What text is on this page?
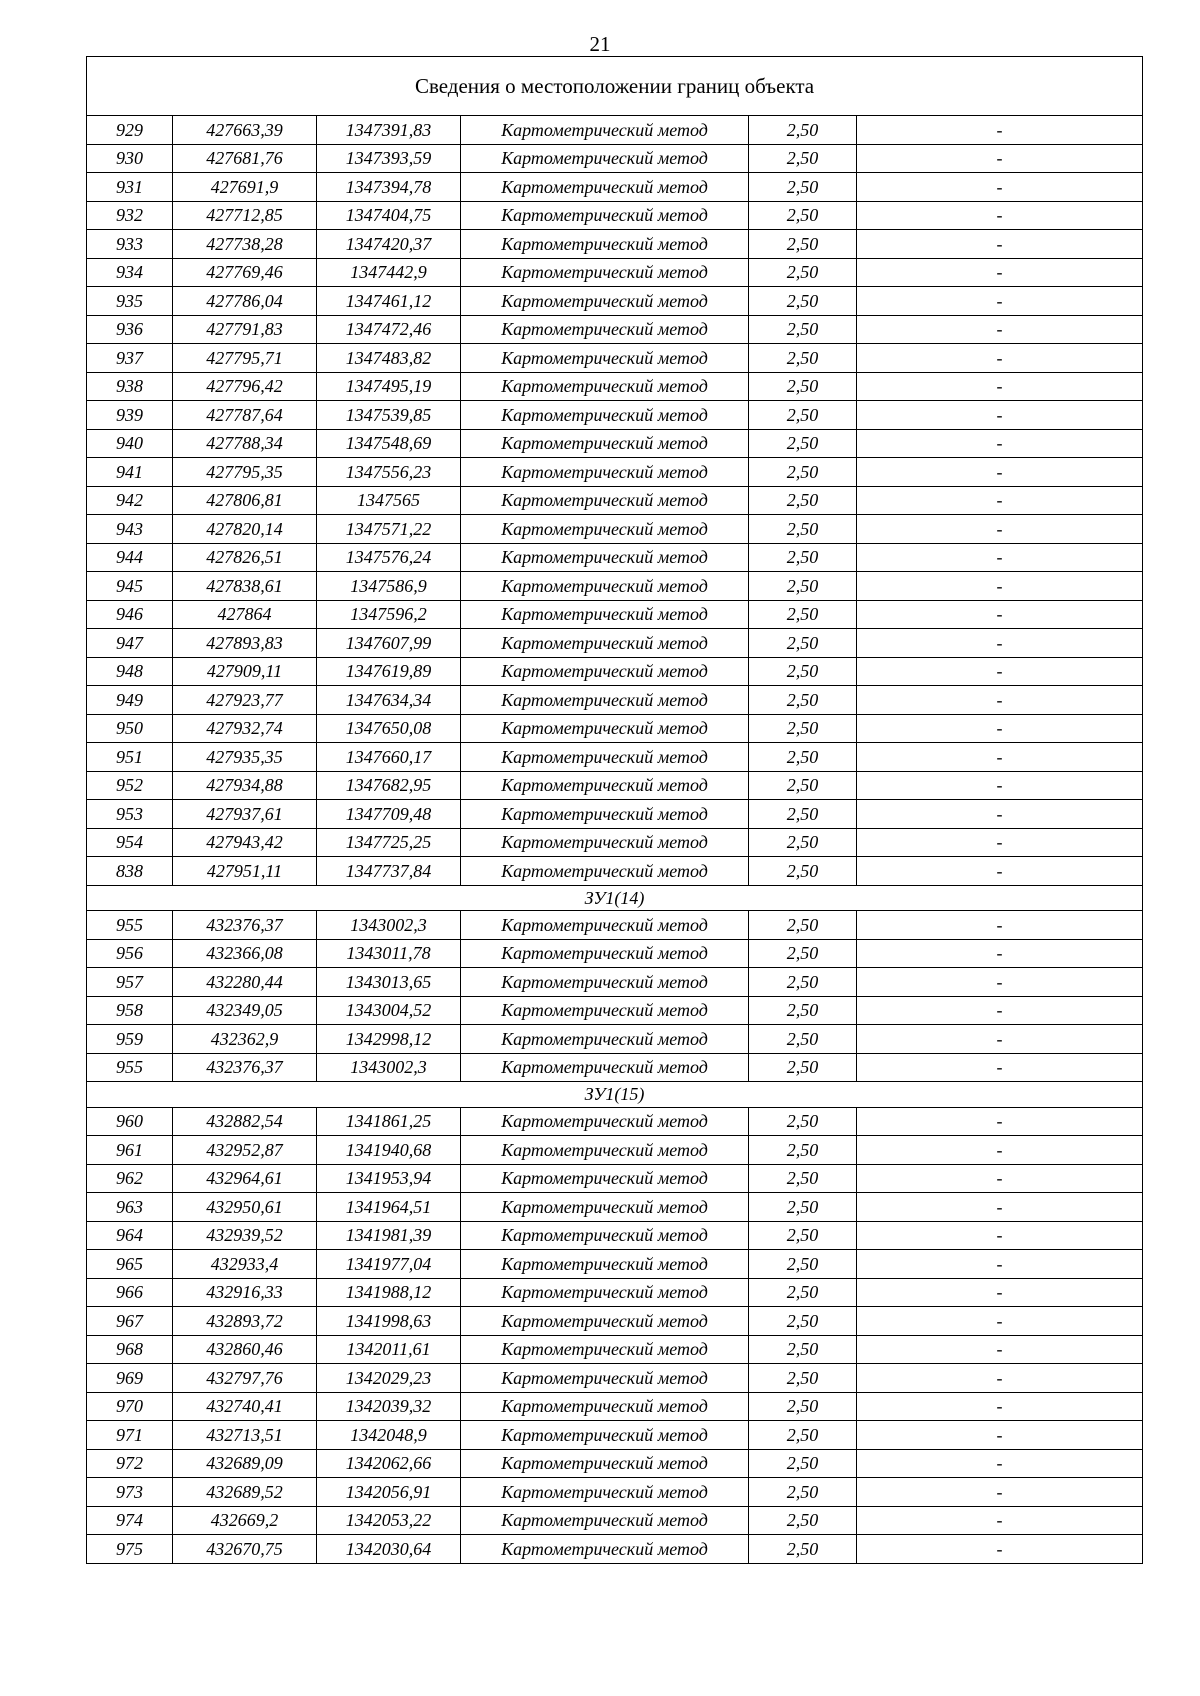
21
Сведения о местоположении границ объекта					
929	427663,39	1347391,83	Картометрический метод	2,50	-
930	427681,76	1347393,59	Картометрический метод	2,50	-
931	427691,9	1347394,78	Картометрический метод	2,50	-
932	427712,85	1347404,75	Картометрический метод	2,50	-
933	427738,28	1347420,37	Картометрический метод	2,50	-
934	427769,46	1347442,9	Картометрический метод	2,50	-
935	427786,04	1347461,12	Картометрический метод	2,50	-
936	427791,83	1347472,46	Картометрический метод	2,50	-
937	427795,71	1347483,82	Картометрический метод	2,50	-
938	427796,42	1347495,19	Картометрический метод	2,50	-
939	427787,64	1347539,85	Картометрический метод	2,50	-
940	427788,34	1347548,69	Картометрический метод	2,50	-
941	427795,35	1347556,23	Картометрический метод	2,50	-
942	427806,81	1347565	Картометрический метод	2,50	-
943	427820,14	1347571,22	Картометрический метод	2,50	-
944	427826,51	1347576,24	Картометрический метод	2,50	-
945	427838,61	1347586,9	Картометрический метод	2,50	-
946	427864	1347596,2	Картометрический метод	2,50	-
947	427893,83	1347607,99	Картометрический метод	2,50	-
948	427909,11	1347619,89	Картометрический метод	2,50	-
949	427923,77	1347634,34	Картометрический метод	2,50	-
950	427932,74	1347650,08	Картометрический метод	2,50	-
951	427935,35	1347660,17	Картометрический метод	2,50	-
952	427934,88	1347682,95	Картометрический метод	2,50	-
953	427937,61	1347709,48	Картометрический метод	2,50	-
954	427943,42	1347725,25	Картометрический метод	2,50	-
838	427951,11	1347737,84	Картометрический метод	2,50	-
ЗУ1(14)					
955	432376,37	1343002,3	Картометрический метод	2,50	-
956	432366,08	1343011,78	Картометрический метод	2,50	-
957	432280,44	1343013,65	Картометрический метод	2,50	-
958	432349,05	1343004,52	Картометрический метод	2,50	-
959	432362,9	1342998,12	Картометрический метод	2,50	-
955	432376,37	1343002,3	Картометрический метод	2,50	-
ЗУ1(15)					
960	432882,54	1341861,25	Картометрический метод	2,50	-
961	432952,87	1341940,68	Картометрический метод	2,50	-
962	432964,61	1341953,94	Картометрический метод	2,50	-
963	432950,61	1341964,51	Картометрический метод	2,50	-
964	432939,52	1341981,39	Картометрический метод	2,50	-
965	432933,4	1341977,04	Картометрический метод	2,50	-
966	432916,33	1341988,12	Картометрический метод	2,50	-
967	432893,72	1341998,63	Картометрический метод	2,50	-
968	432860,46	1342011,61	Картометрический метод	2,50	-
969	432797,76	1342029,23	Картометрический метод	2,50	-
970	432740,41	1342039,32	Картометрический метод	2,50	-
971	432713,51	1342048,9	Картометрический метод	2,50	-
972	432689,09	1342062,66	Картометрический метод	2,50	-
973	432689,52	1342056,91	Картометрический метод	2,50	-
974	432669,2	1342053,22	Картометрический метод	2,50	-
975	432670,75	1342030,64	Картометрический метод	2,50	-
